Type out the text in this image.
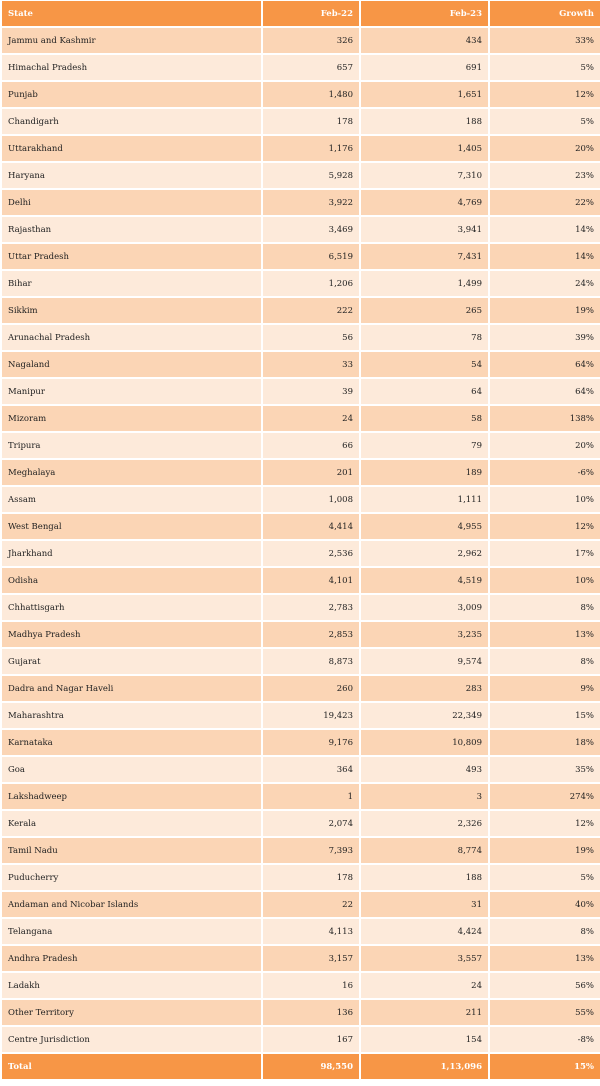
State	Feb-22	Feb-23	Growth
Jammu and Kashmir	326	434	33%
Himachal Pradesh	657	691	5%
Punjab	1,480	1,651	12%
Chandigarh	178	188	5%
Uttarakhand	1,176	1,405	20%
Haryana	5,928	7,310	23%
Delhi	3,922	4,769	22%
Rajasthan	3,469	3,941	14%
Uttar Pradesh	6,519	7,431	14%
Bihar	1,206	1,499	24%
Sikkim	222	265	19%
Arunachal Pradesh	56	78	39%
Nagaland	33	54	64%
Manipur	39	64	64%
Mizoram	24	58	138%
Tripura	66	79	20%
Meghalaya	201	189	-6%
Assam	1,008	1,111	10%
West Bengal	4,414	4,955	12%
Jharkhand	2,536	2,962	17%
Odisha	4,101	4,519	10%
Chhattisgarh	2,783	3,009	8%
Madhya Pradesh	2,853	3,235	13%
Gujarat	8,873	9,574	8%
Dadra and Nagar Haveli	260	283	9%
Maharashtra	19,423	22,349	15%
Karnataka	9,176	10,809	18%
Goa	364	493	35%
Lakshadweep	1	3	274%
Kerala	2,074	2,326	12%
Tamil Nadu	7,393	8,774	19%
Puducherry	178	188	5%
Andaman and Nicobar Islands	22	31	40%
Telangana	4,113	4,424	8%
Andhra Pradesh	3,157	3,557	13%
Ladakh	16	24	56%
Other Territory	136	211	55%
Centre Jurisdiction	167	154	-8%
Total	98,550	1,13,096	15%
